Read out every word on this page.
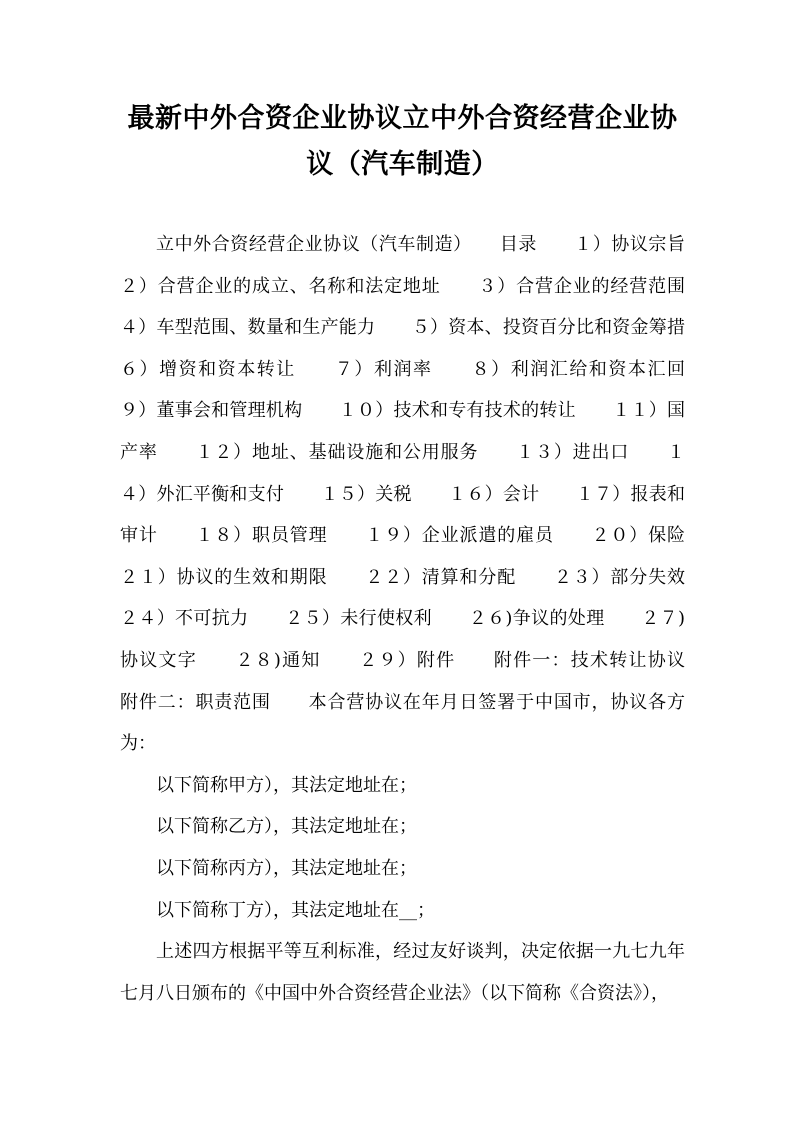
最新中外合资企业协议立中外合资经营企业协议（汽车制造）

立中外合资经营企业协议（汽车制造）　　目录　　１）协议宗旨　　２）合营企业的成立、名称和法定地址　　３）合营企业的经营范围　　４）车型范围、数量和生产能力　　５）资本、投资百分比和资金筹措　　６）增资和资本转让　　７）利润率　　８）利润汇给和资本汇回　　９）董事会和管理机构　　１０）技术和专有技术的转让　　１１）国产率　　１２）地址、基础设施和公用服务　　１３）进出口　　１４）外汇平衡和支付　　１５）关税　　１６）会计　　１７）报表和审计　　１８）职员管理　　１９）企业派遣的雇员　　２０）保险　　２１）协议的生效和期限　　２２）清算和分配　　２３）部分失效　　２４）不可抗力　　２５）未行使权利　　２６)争议的处理　　２７)协议文字　　２８)通知　　２９）附件　　附件一：技术转让协议　　附件二：职责范围　　本合营协议在年月日签署于中国市，协议各方为：

以下简称甲方），其法定地址在；

以下简称乙方），其法定地址在；

以下简称丙方），其法定地址在；

以下简称丁方），其法定地址在__；

上述四方根据平等互利标准，经过友好谈判，决定依据一九七九年七月八日颁布的《中国中外合资经营企业法》（以下简称《合资法》），
